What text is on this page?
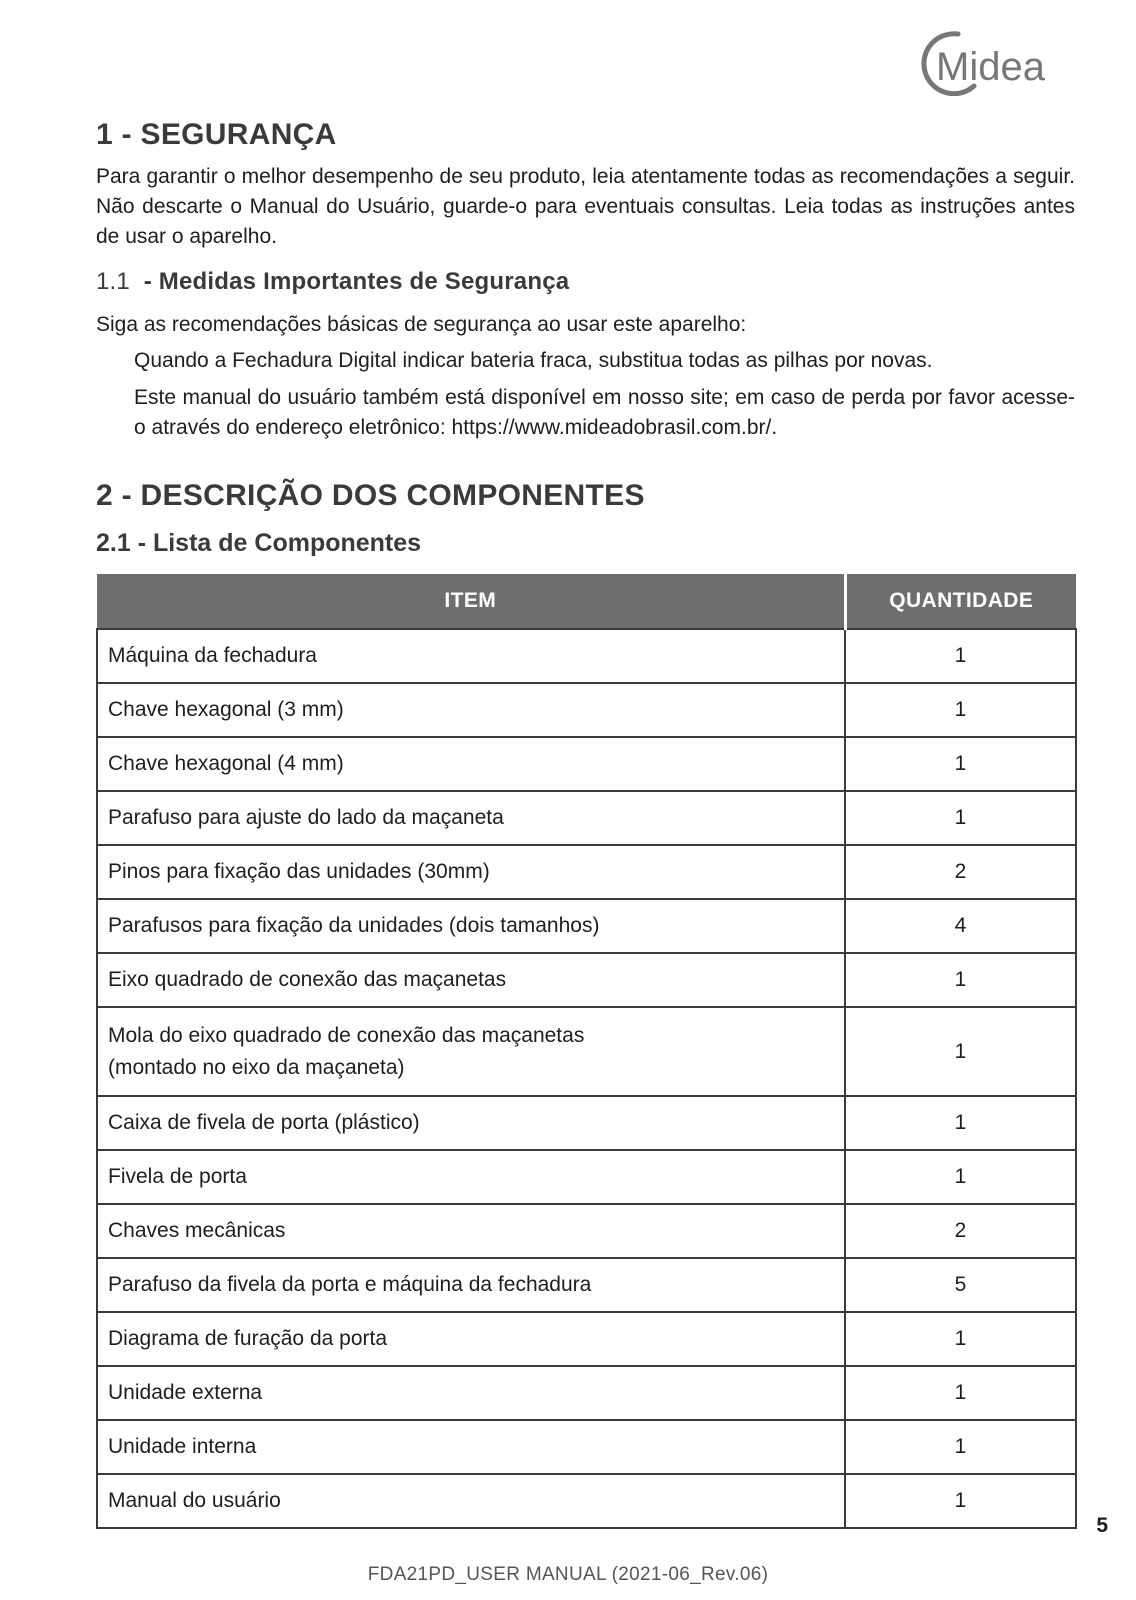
Midea
1 - SEGURANÇA

Para garantir o melhor desempenho de seu produto, leia atentamente todas as recomendações a seguir. Não descarte o Manual do Usuário, guarde-o para eventuais consultas. Leia todas as instruções antes de usar o aparelho.

1.1 - Medidas Importantes de Segurança

Siga as recomendações básicas de segurança ao usar este aparelho:

Quando a Fechadura Digital indicar bateria fraca, substitua todas as pilhas por novas.
Este manual do usuário também está disponível em nosso site; em caso de perda por favor acesse-o através do endereço eletrônico: https://www.mideadobrasil.com.br/.
2 - DESCRIÇÃO DOS COMPONENTES
2.1 - Lista de Componentes
ITEM	QUANTIDADE
Máquina da fechadura	1
Chave hexagonal (3 mm)	1
Chave hexagonal (4 mm)	1
Parafuso para ajuste do lado da maçaneta	1
Pinos para fixação das unidades (30mm)	2
Parafusos para fixação da unidades (dois tamanhos)	4
Eixo quadrado de conexão das maçanetas	1
Mola do eixo quadrado de conexão das maçanetas
(montado no eixo da maçaneta)	1
Caixa de fivela de porta (plástico)	1
Fivela de porta	1
Chaves mecânicas	2
Parafuso da fivela da porta e máquina da fechadura	5
Diagrama de furação da porta	1
Unidade externa	1
Unidade interna	1
Manual do usuário	1
5
FDA21PD_USER MANUAL (2021-06_Rev.06)
